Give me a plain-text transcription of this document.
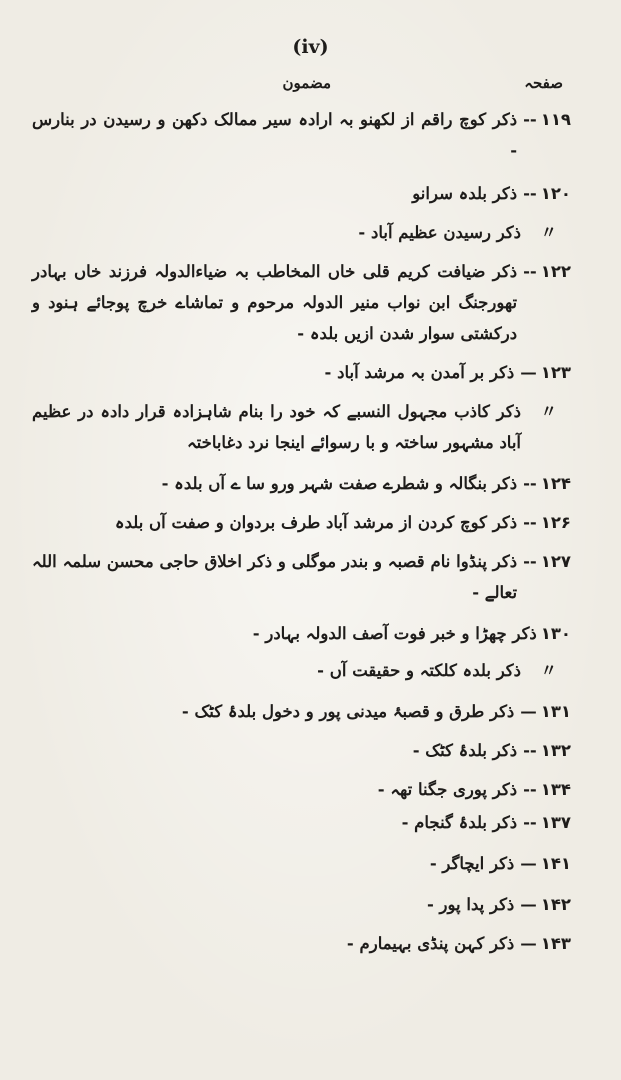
(iv)
صفحہ
مضمون
۱۱۹
--
ذکر کوچ راقم از لکھنو بہ ارادہ سیر ممالک دکھن و رسیدن در بنارس -
۱۲۰
--
ذکر بلدہ سرانو
〃
ذکر رسیدن عظیم آباد -
۱۲۲
--
ذکر ضیافت کریم قلی خاں المخاطب بہ ضیاءالدولہ فرزند خاں بہادر تھورجنگ ابن نواب منیر الدولہ مرحوم و تماشاے خرچ پوجائے ہنود و درکشتی سوار شدن ازیں بلدہ -
۱۲۳
—
ذکر بر آمدن بہ مرشد آباد -
〃
ذکر کاذب مجہول النسبے کہ خود را بنام شاہزادہ قرار دادہ در عظیم آباد مشہور ساختہ و با رسوائے اینجا نرد دغاباختہ
۱۲۴
--
ذکر بنگالہ و شطرے صفت شہر ورو سا ے آں بلدہ -
۱۲۶
--
ذکر کوچ کردن از مرشد آباد طرف بردوان و صفت آں بلدہ
۱۲۷
--
ذکر پنڈوا نام قصبہ و بندر موگلی و ذکر اخلاق حاجی محسن سلمہ اللہ تعالے -
۱۳۰
ذکر چھڑا و خبر فوت آصف الدولہ بہادر -
〃
ذکر بلدہ کلکتہ و حقیقت آں -
۱۳۱
—
ذکر طرق و قصبۂ میدنی پور و دخول بلدۂ کٹک -
۱۳۲
--
ذکر بلدۂ کٹک -
۱۳۴
--
ذکر پوری جگنا تھہ -
۱۳۷
--
ذکر بلدۂ گنجام -
۱۴۱
—
ذکر ایچاگر -
۱۴۲
—
ذکر پدا پور -
۱۴۳
—
ذکر کہن پنڈی بہیمارم -
